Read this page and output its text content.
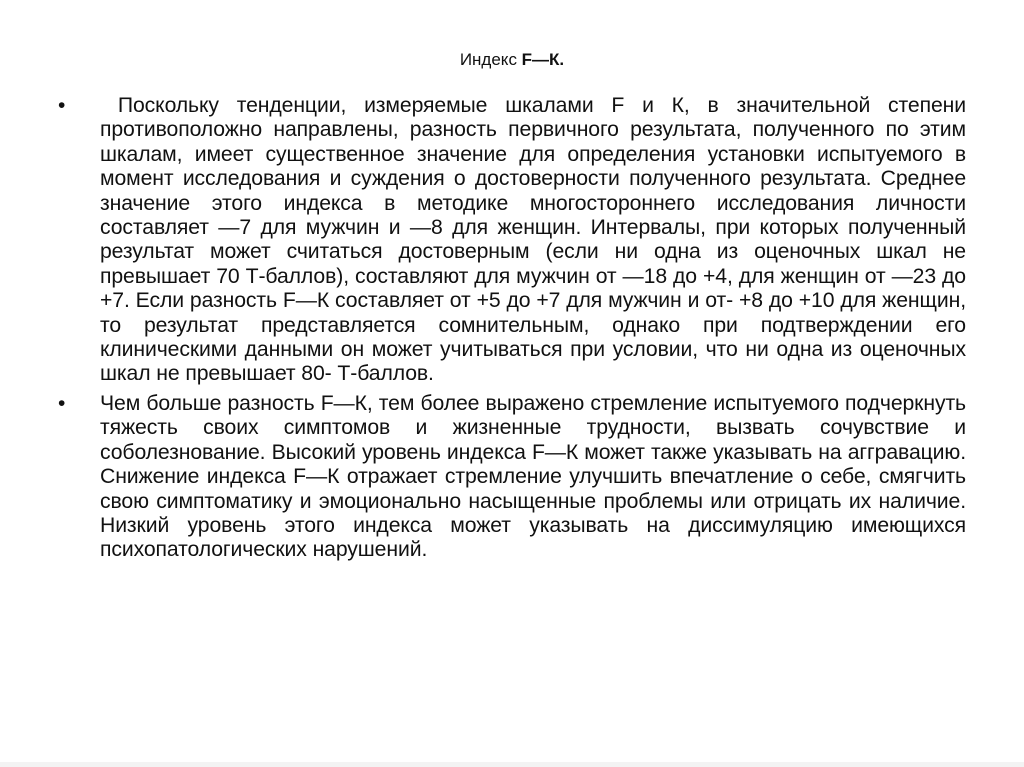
Индекс F—К.
• Поскольку тенденции, измеряемые шкалами F и К, в значительной степени противоположно направлены, разность первичного результата, полученного по этим шкалам, имеет существенное значение для определения установки испытуемого в момент исследования и суждения о достоверности полученного результата. Среднее значение этого индекса в методике многостороннего исследования личности составляет —7 для мужчин и —8 для женщин. Интервалы, при которых полученный результат может считаться достоверным (если ни одна из оценочных шкал не превышает 70 Т-баллов), составляют для мужчин от —18 до +4, для женщин от —23 до +7. Если разность F—К составляет от +5 до +7 для мужчин и от- +8 до +10 для женщин, то результат представляется сомнительным, однако при подтверждении его клиническими данными он может учитываться при условии, что ни одна из оценочных шкал не превышает 80- Т-баллов.
• Чем больше разность F—К, тем более выражено стремление испытуемого подчеркнуть тяжесть своих симптомов и жизненные трудности, вызвать сочувствие и соболезнование. Высокий уровень индекса F—К может также указывать на аггравацию. Снижение индекса F—К отражает стремление улучшить впечатление о себе, смягчить свою симптоматику и эмоционально насыщенные проблемы или отрицать их наличие. Низкий уровень этого индекса может указывать на диссимуляцию имеющихся психопатологических нарушений.
